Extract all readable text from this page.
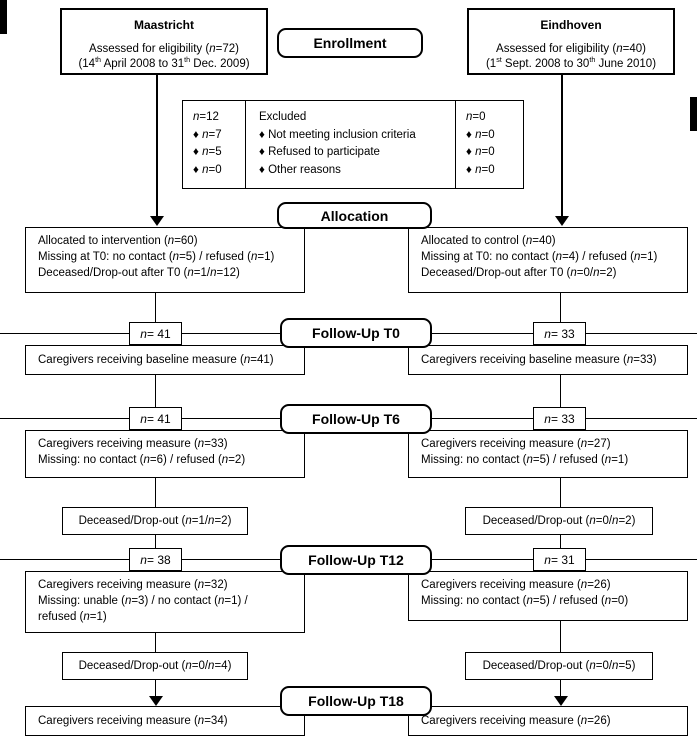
Maastricht
Assessed for eligibility (n=72)
(14th April 2008 to 31th Dec. 2009)
Eindhoven
Assessed for eligibility (n=40)
(1st Sept. 2008 to 30th June 2010)
Enrollment
n=12
♦ n=7
♦ n=5
♦ n=0
Excluded
♦ Not meeting inclusion criteria
♦ Refused to participate
♦ Other reasons
n=0
♦ n=0
♦ n=0
♦ n=0
Allocation
Allocated to intervention (n=60)
Missing at T0: no contact (n=5) / refused (n=1)
Deceased/Drop-out after T0 (n=1/n=12)
Allocated to control (n=40)
Missing at T0: no contact (n=4) / refused (n=1)
Deceased/Drop-out after T0 (n=0/n=2)
n = 41	n = 33
Follow-Up T0
Caregivers receiving baseline measure (n=41)	Caregivers receiving baseline measure (n=33)
n = 41	n = 33
Follow-Up T6
Caregivers receiving measure (n=33)
Missing: no contact (n=6) / refused (n=2)
Caregivers receiving measure (n=27)
Missing: no contact (n=5) / refused (n=1)
Deceased/Drop-out (n=1/n=2)	Deceased/Drop-out (n=0/n=2)
n = 38	n = 31
Follow-Up T12
Caregivers receiving measure (n=32)
Missing: unable (n=3) / no contact (n=1) /
refused (n=1)
Caregivers receiving measure (n=26)
Missing: no contact (n=5) / refused (n=0)
Deceased/Drop-out (n=0/n=4)	Deceased/Drop-out (n=0/n=5)
Follow-Up T18
Caregivers receiving measure (n=34)	Caregivers receiving measure (n=26)
